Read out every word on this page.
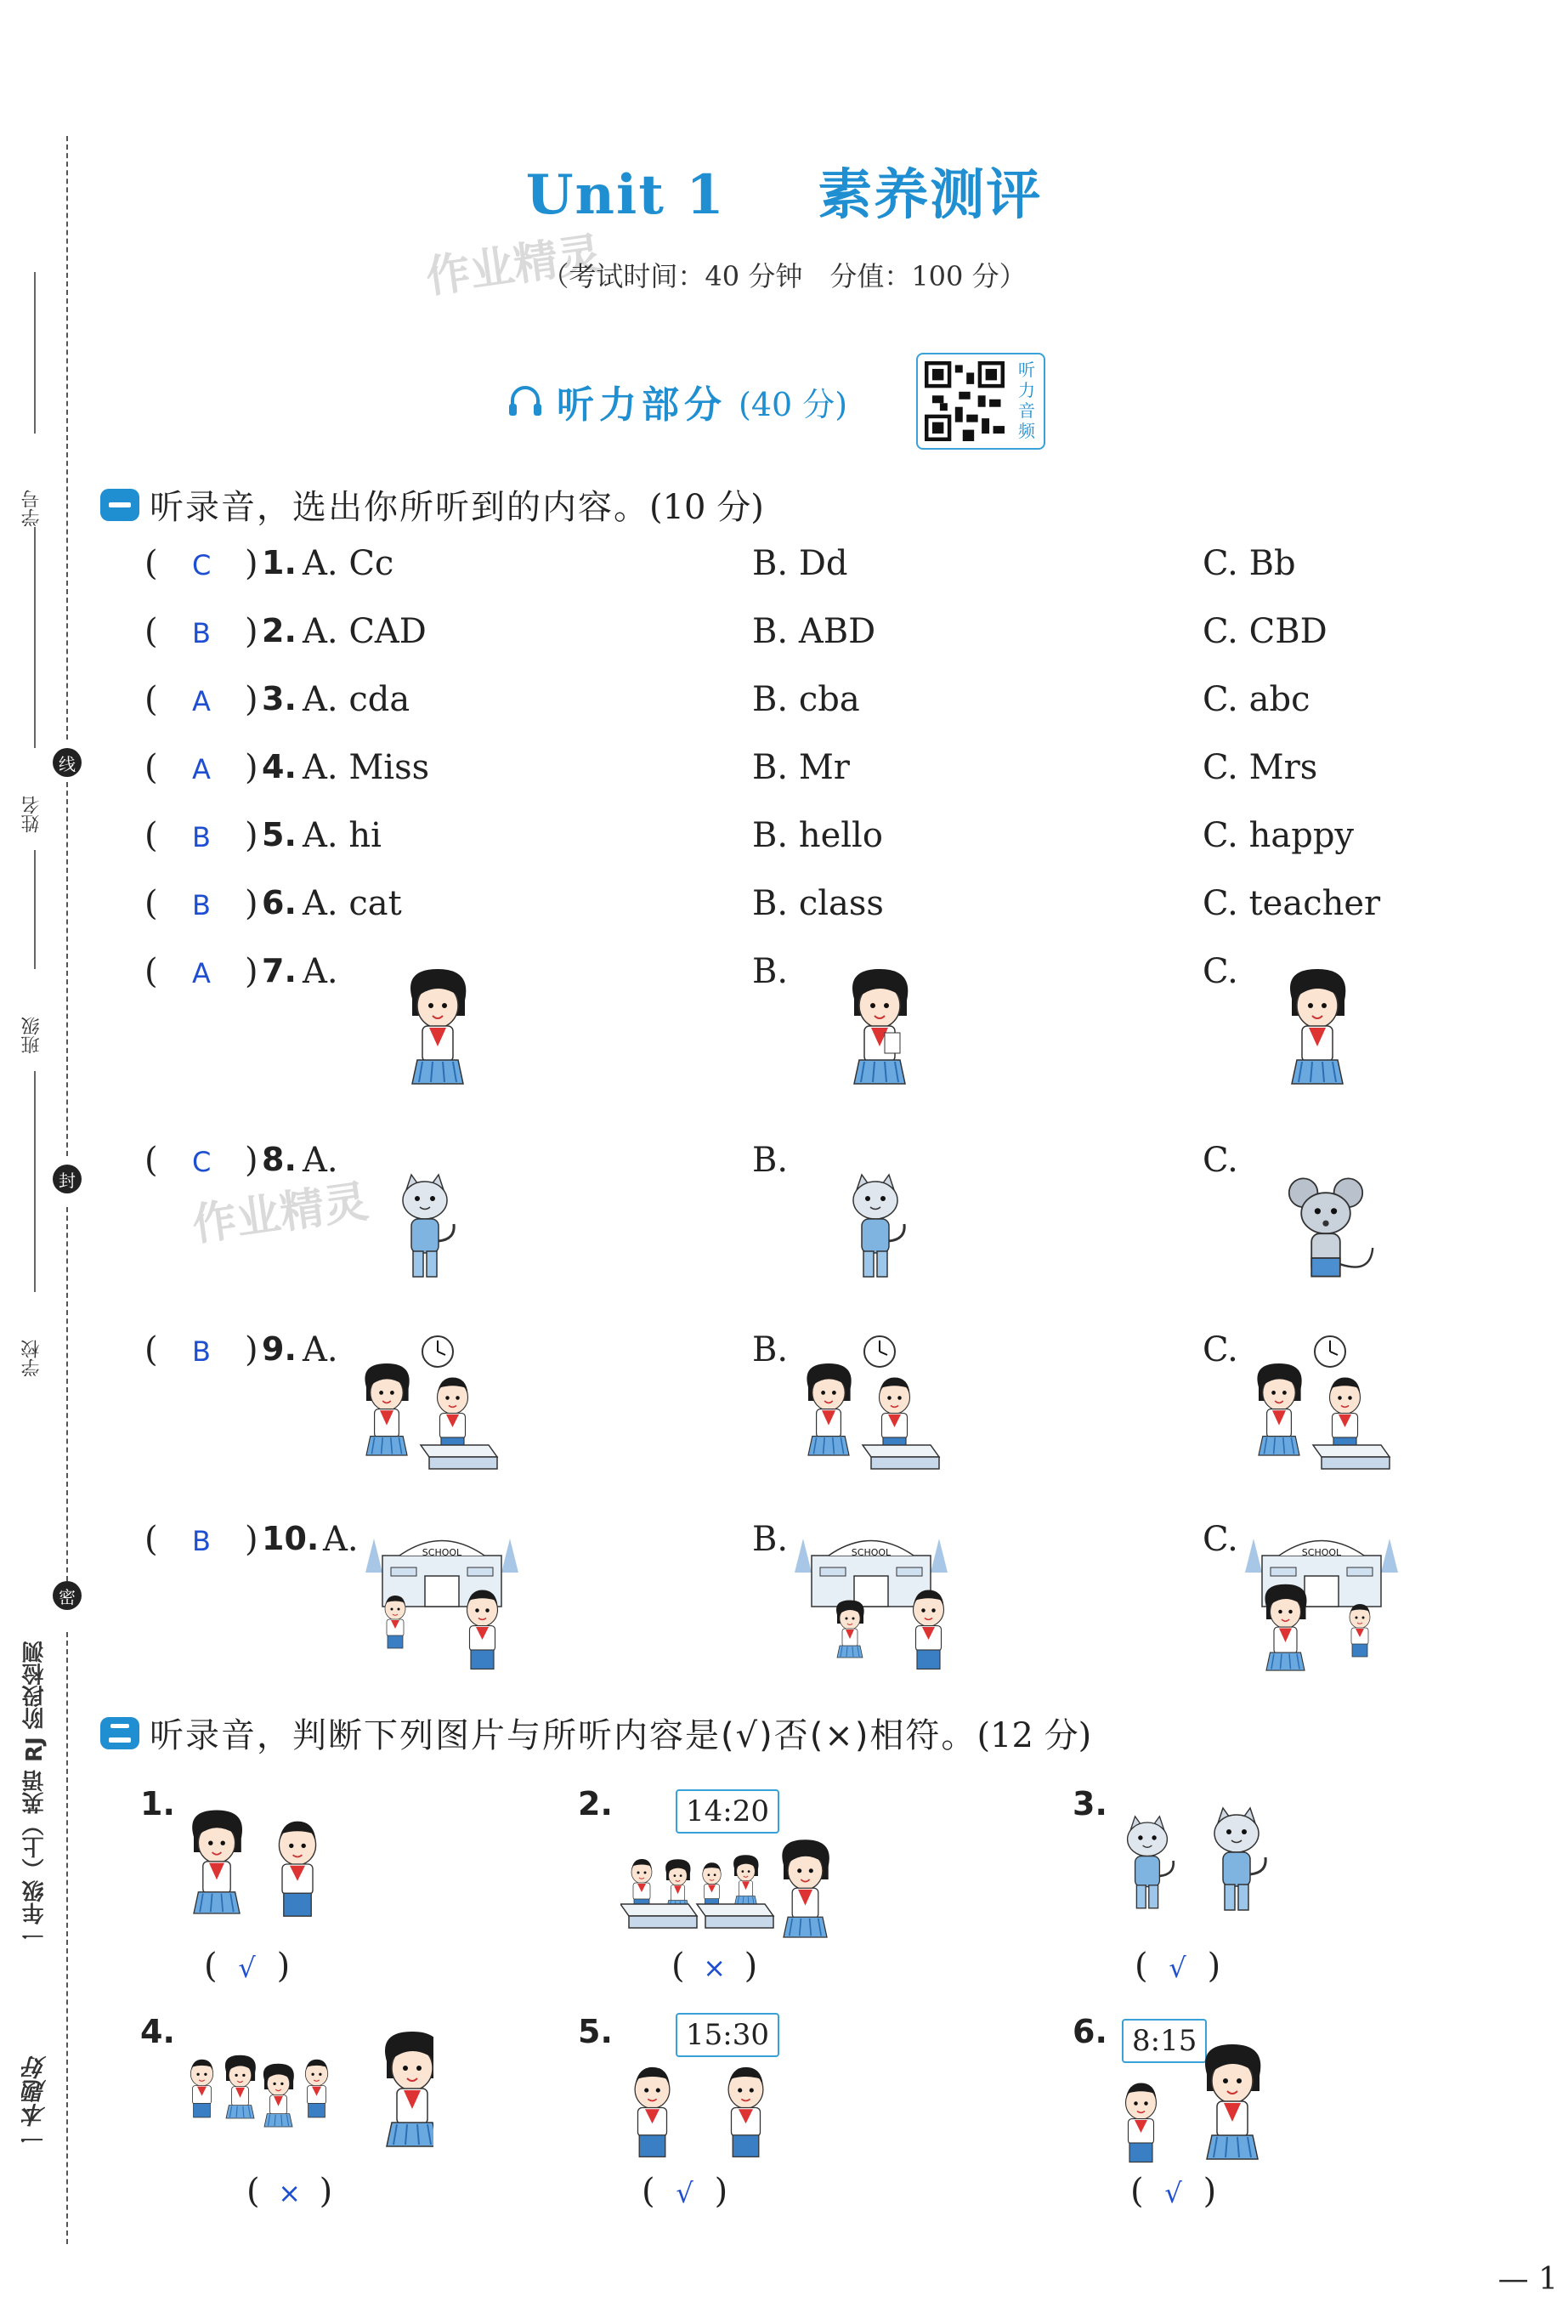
学号
姓名
班级
学校
一年级（上）英语 RJ 阶段检测
一本题好
线
封
密
Unit 1 素养测评
作业精灵
（考试时间：40 分钟　分值：100 分）
听力部分 (40 分)
听力音频
听录音，选出你所听到的内容。 (10 分)
( C ) 1. A. Cc	B. Dd	C. Bb
( B ) 2. A. CAD	B. ABD	C. CBD
( A ) 3. A. cda	B. cba	C. abc
( A ) 4. A. Miss	B. Mr	C. Mrs
( B ) 5. A. hi	B. hello	C. happy
( B ) 6. A. cat	B. class	C. teacher
( A ) 7. A.	B.	C.
( C ) 8. A.	B.	C.
作业精灵
( B ) 9. A.	B.	C.
( B ) 10. A.	B.	C.
SCHOOL	SCHOOL	SCHOOL
听录音，判断下列图片与所听内容是(√)否(×)相符。 (12 分)
1.
( √ )
2.	14:20
( × )
3.
( √ )
4.
( × )
5.	15:30
( √ )
6. 8:15
( √ )
— 1
